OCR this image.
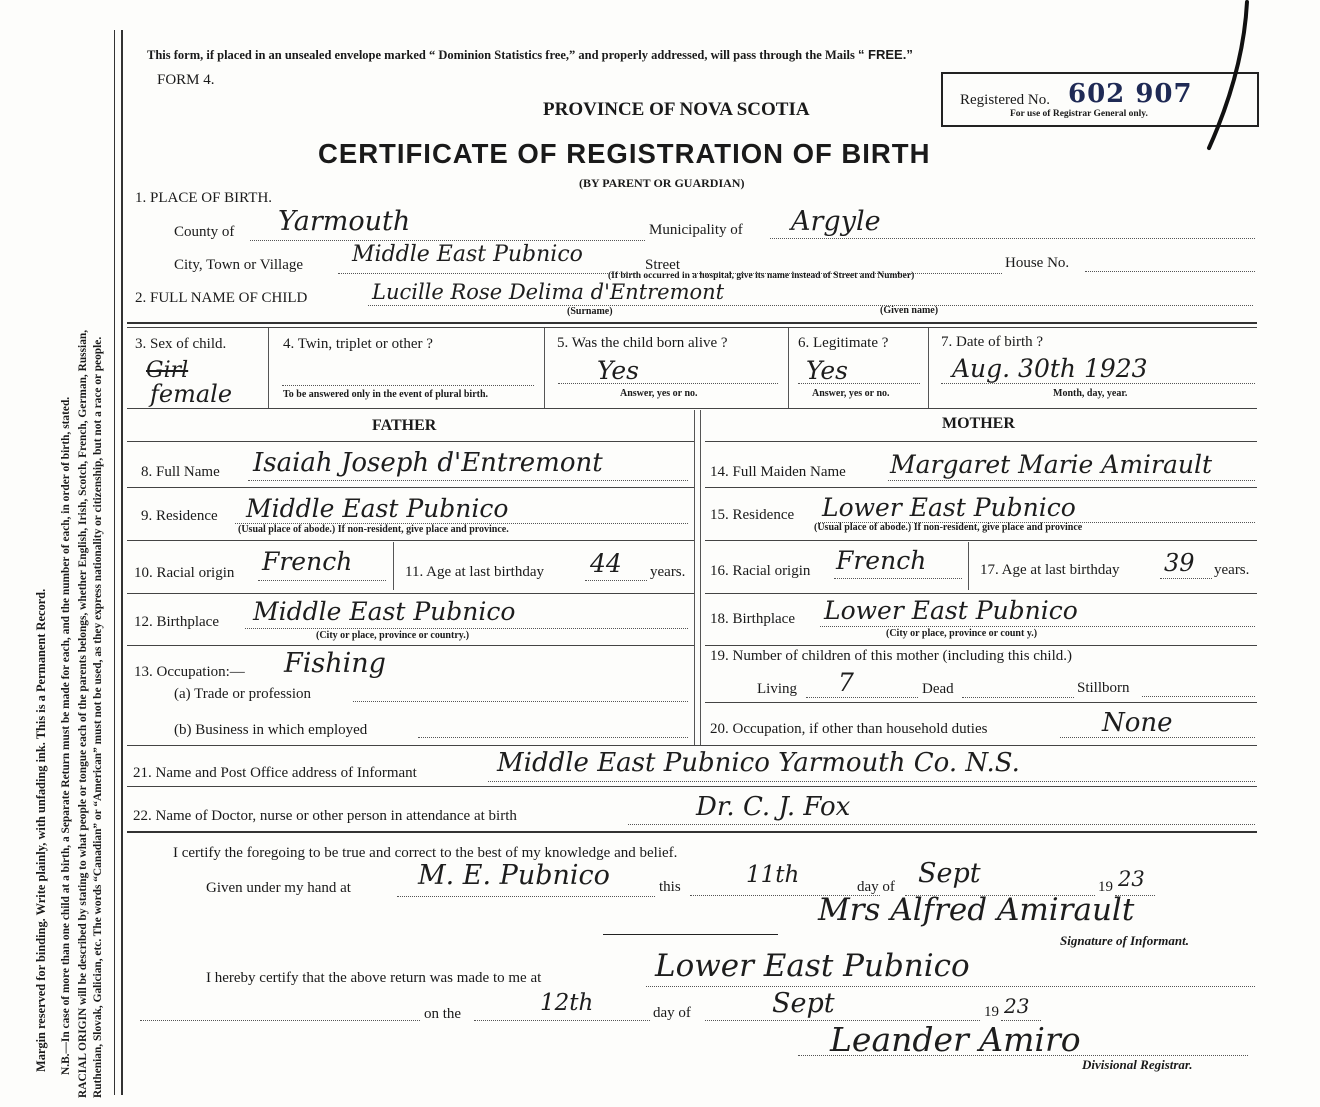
Ruthenian, Slovak, Galician, etc. The words “Canadian” or “American” must not be used, as they express nationality or citizenship, but not a race or people.
RACIAL ORIGIN will be described by stating to what people or tongue each of the parents belongs, whether English, Irish, Scotch, French, German, Russian,
N.B.—In case of more than one child at a birth, a Separate Return must be made for each, and the number of each, in order of birth, stated.
Margin reserved for binding. Write plainly, with unfading ink. This is a Permanent Record.
This form, if placed in an unsealed envelope marked “ Dominion Statistics free,” and properly addressed, will pass through the Mails “ FREE.”
FORM 4.
PROVINCE OF NOVA SCOTIA
CERTIFICATE OF REGISTRATION OF BIRTH
(BY PARENT OR GUARDIAN)
Registered No. 602 907
For use of Registrar General only.
1. PLACE OF BIRTH.
County of Yarmouth	Municipality of Argyle
City, Town or Village Middle East Pubnico	Street	House No.
(If birth occurred in a hospital, give its name instead of Street and Number)
2. FULL NAME OF CHILD	Lucille Rose Delima d'Entremont
(Surname)	(Given name)
3. Sex of child.
Girl
female
4. Twin, triplet or other ?
To be answered only in the event of plural birth.
5. Was the child born alive ?
Yes
Answer, yes or no.
6. Legitimate ?
Yes
Answer, yes or no.
7. Date of birth ?
Aug. 30th 1923
Month, day, year.
FATHER	MOTHER
8. Full Name Isaiah Joseph d'Entremont
9. Residence Middle East Pubnico
(Usual place of abode.) If non-resident, give place and province.
10. Racial origin French	11. Age at last birthday 44 years.
12. Birthplace Middle East Pubnico
(City or place, province or country.)
13. Occupation:— Fishing
(a) Trade or profession
(b) Business in which employed
14. Full Maiden Name Margaret Marie Amirault
15. Residence Lower East Pubnico
(Usual place of abode.) If non-resident, give place and province
16. Racial origin French	17. Age at last birthday 39 years.
18. Birthplace Lower East Pubnico
(City or place, province or count y.)
19. Number of children of this mother (including this child.)
Living 7	Dead	Stillborn
20. Occupation, if other than household duties	None
21. Name and Post Office address of Informant	Middle East Pubnico Yarmouth Co. N.S.
22. Name of Doctor, nurse or other person in attendance at birth	Dr. C. J. Fox
I certify the foregoing to be true and correct to the best of my knowledge and belief.
Given under my hand at M. E. Pubnico	this	11th	day of Sept	19 23
Mrs Alfred Amirault
Signature of Informant.
I hereby certify that the above return was made to me at	Lower East Pubnico
on the	12th	day of	Sept	19 23
Leander Amiro
Divisional Registrar.
